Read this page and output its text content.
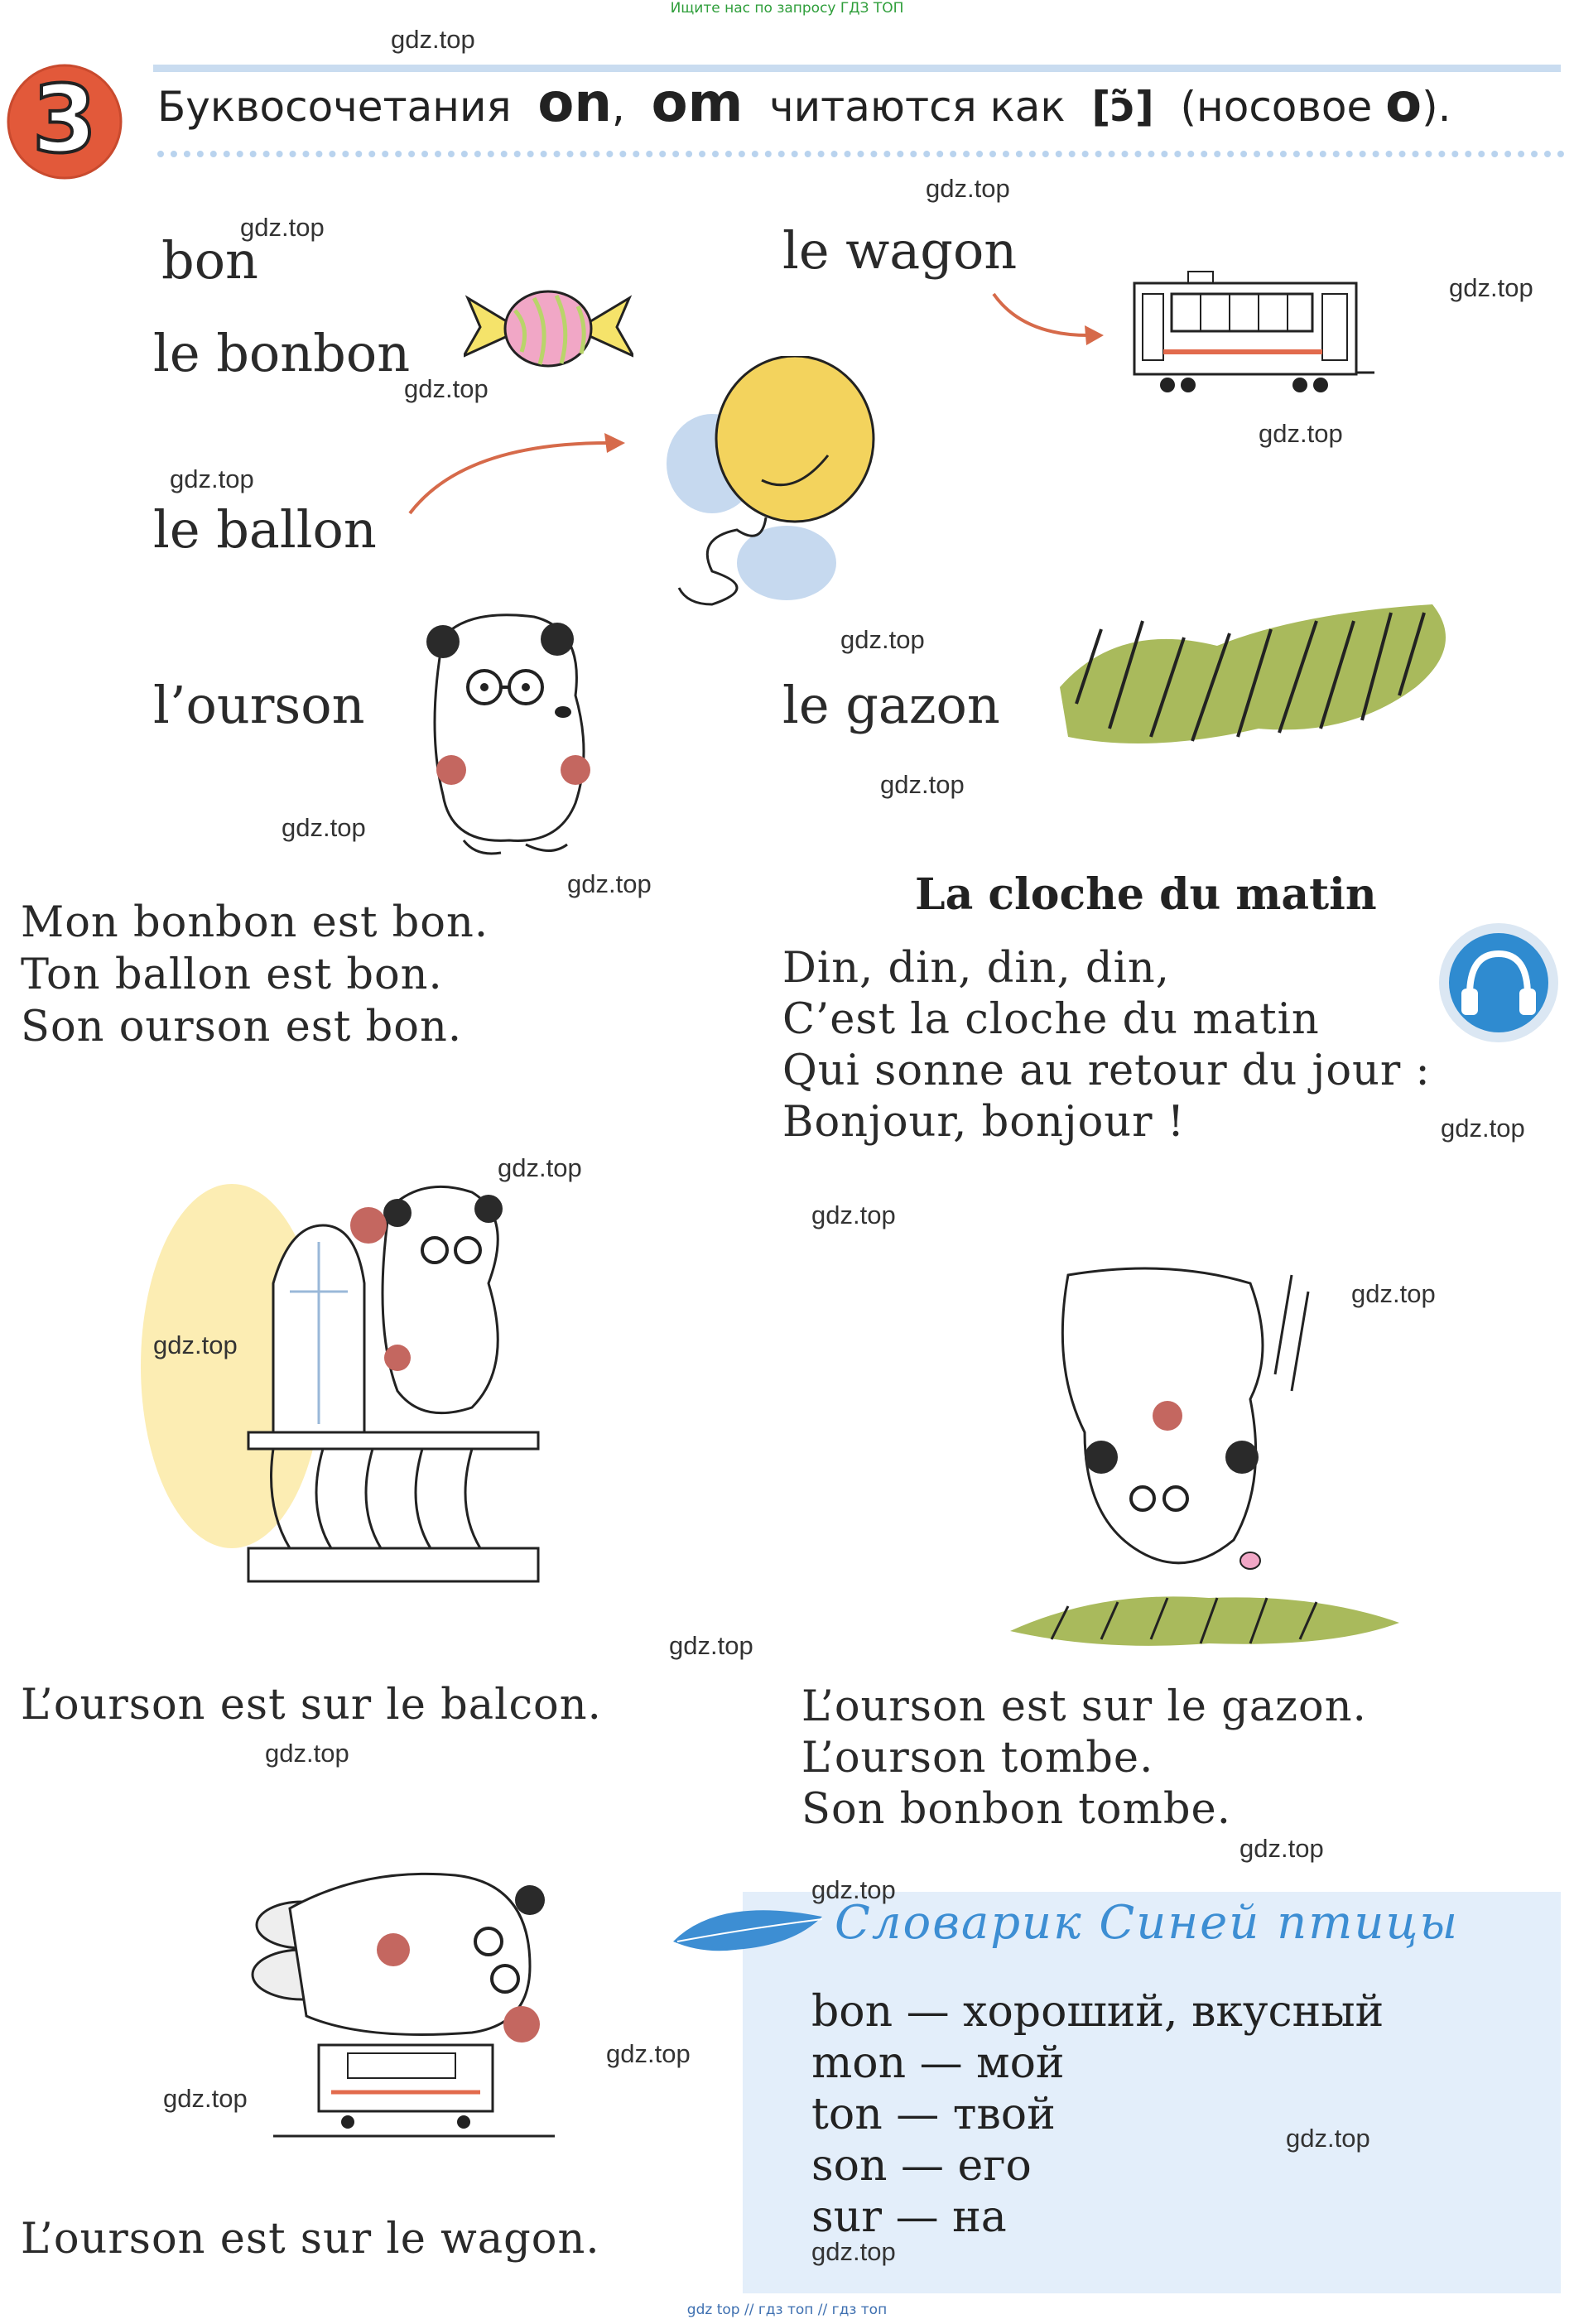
Ищите нас по запросу ГДЗ ТОП
3	Буквосочетания on, om читаются как [ɔ̃] (носовое o).
bon
le bonbon
le ballon
l’ourson
le wagon
le gazon
Mon bonbon est bon.
Ton ballon est bon.
Son ourson est bon.
La cloche du matin
Din, din, din, din,
C’est la cloche du matin
Qui sonne au retour du jour :
Bonjour, bonjour !
L’ourson est sur le balcon.	L’ourson est sur le gazon.
L’ourson tombe.
Son bonbon tombe.
L’ourson est sur le wagon.
Словарик Синей птицы
bon — хороший, вкусный
mon — мой
ton — твой
son — его
sur — на
gdz.top
gdz.top
gdz.top
gdz.top
gdz.top
gdz.top
gdz.top
gdz.top
gdz.top
gdz.top
gdz.top
gdz.top
gdz.top
gdz.top
gdz.top
gdz.top
gdz.top
gdz.top
gdz.top
gdz.top
gdz.top
gdz.top
gdz.top
gdz.top
gdz top // гдз топ // гдз топ
